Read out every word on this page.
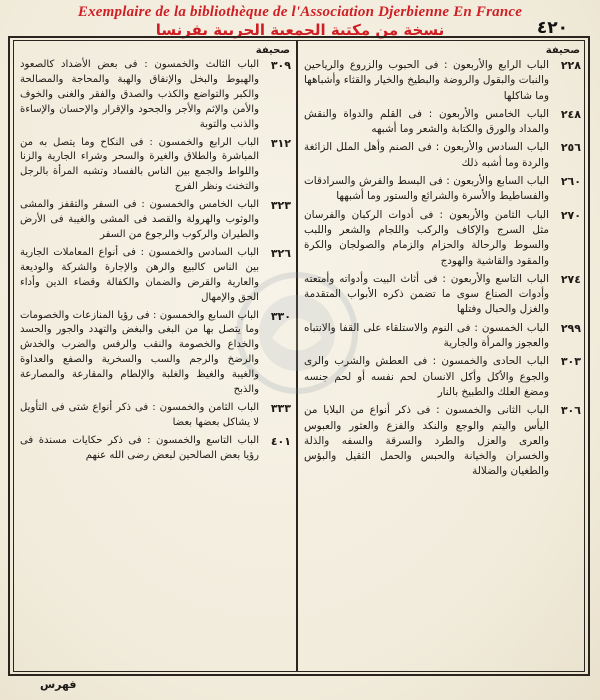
Exemplaire de la bibliothèque de l'Association Djerbienne En France
نسخة من مكتبة الجمعية الجربية بفرنسا	٤٢٠
صحيفة
٢٢٨
الباب الرابع والأربعون : فى الحبوب والزروع والرياحين والنبات والبقول والروضة والبطيخ والخيار والقثاء وأشباهها وما شاكلها
٢٤٨
الباب الخامس والأربعون : فى القلم والدواة والنقش والمداد والورق والكتابة والشعر وما أشبهه
٢٥٦
الباب السادس والأربعون : فى الصنم وأهل الملل الزائغة والردة وما أشبه ذلك
٢٦٠
الباب السابع والأربعون : فى البسط والفرش والسرادقات والفساطيط والأسرة والشرائع والستور وما أشبهها
٢٧٠
الباب الثامن والأربعون : فى أدوات الركبان والفرسان مثل السرج والإكاف والركب واللجام والشعر واللبب والسوط والرحالة والحزام والزمام والصولجان والكرة والمقود والقاشية والهودج
٢٧٤
الباب التاسع والأربعون : فى أثاث البيت وأدواته وأمتعته وأدوات الصناع سوى ما تضمن ذكره الأبواب المتقدمة والغزل والحبال وفتلها
٢٩٩
الباب الخمسون : فى النوم والاستلقاء على القفا والانتباه والعجوز والمرأة والجارية
٣٠٣
الباب الحادى والخمسون : فى العطش والشرب والرى والجوع والأكل وأكل الانسان لحم نفسه أو لحم جنسه ومضغ العلك والطبيخ بالنار
٣٠٦
الباب الثانى والخمسون : فى ذكر أنواع من البلايا من اليأس واليتم والوجع والنكد والفزع والعثور والعبوس والعرى والعزل والطرد والسرقة والسفه والذلة والخسران والخيانة والحبس والحمل الثقيل والبؤس والطغيان والضلالة
صحيفة
٣٠٩
الباب الثالث والخمسون : فى بعض الأضداد كالصعود والهبوط والبخل والإنفاق والهبة والمحاجة والمصالحة والكبر والتواضع والكذب والصدق والفقر والغنى والخوف والأمن والإثم والأجر والجحود والإقرار والإحسان والإساءة والذنب والتوبة
٣١٢
الباب الرابع والخمسون : فى النكاح وما يتصل به من المباشرة والطلاق والغيرة والسحر وشراء الجارية والزنا واللواط والجمع بين الناس بالفساد وتشبه المرأة بالرجل والتخنث ونظر الفرج
٣٢٣
الباب الخامس والخمسون : فى السفر والتقفز والمشى والوثوب والهرولة والقصد فى المشى والغيبة فى الأرض والطيران والركوب والرجوع من السفر
٣٢٦
الباب السادس والخمسون : فى أنواع المعاملات الجارية بين الناس كالبيع والرهن والإجارة والشركة والوديعة والعارية والقرض والضمان والكفالة وقضاء الدين وأداء الحق والإمهال
٣٣٠
الباب السابع والخمسون : فى رؤيا المنازعات والخصومات وما يتصل بها من البغى والبغض والتهدد والجور والحسد والخداع والخصومة والنقب والرفس والضرب والخدش والرضخ والرجم والسب والسخرية والصفع والعداوة والغيبة والغيظ والغلبة والإلطام والمقارعة والمصارعة والذبح
٣٣٣
الباب الثامن والخمسون : فى ذكر أنواع شتى فى التأويل لا يشاكل بعضها بعضا
٤٠١
الباب التاسع والخمسون : فى ذكر حكايات مسندة فى رؤيا بعض الصالحين لبعض رضى الله عنهم
فهرس
